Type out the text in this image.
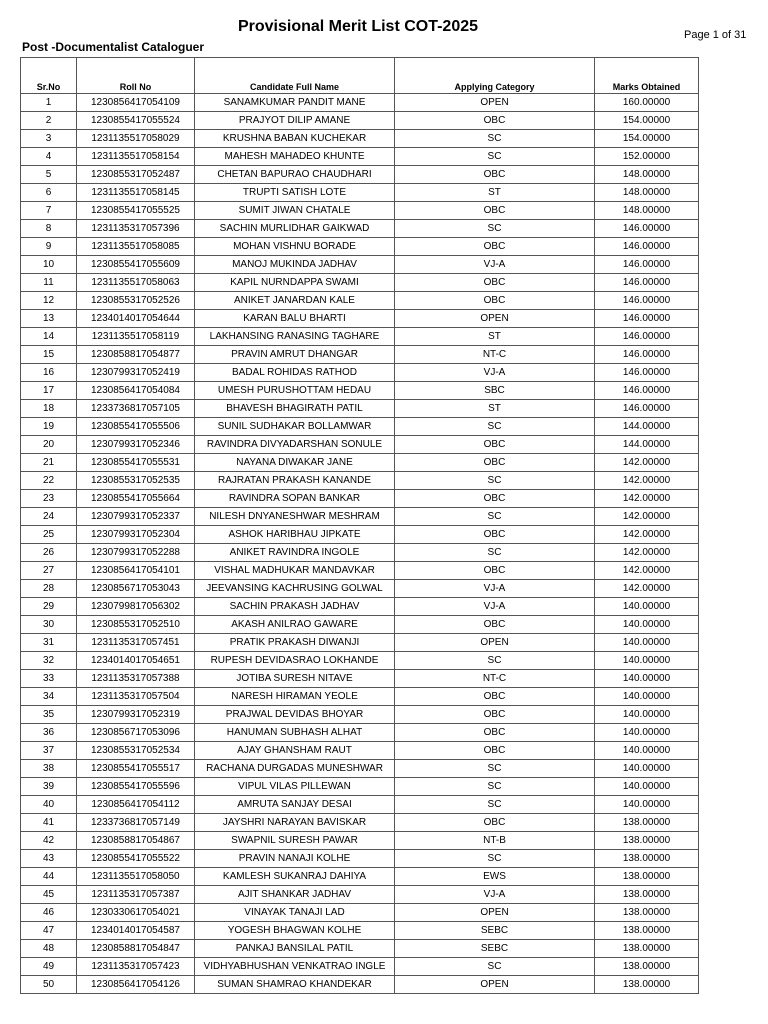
Provisional Merit List COT-2025	Page 1 of 31
Post -Documentalist Cataloguer
Sr.No	Roll No	Candidate Full Name	Applying Category	Marks Obtained
1	1230856417054109	SANAMKUMAR PANDIT MANE	OPEN	160.00000
2	1230855417055524	PRAJYOT DILIP AMANE	OBC	154.00000
3	1231135517058029	KRUSHNA BABAN KUCHEKAR	SC	154.00000
4	1231135517058154	MAHESH MAHADEO KHUNTE	SC	152.00000
5	1230855317052487	CHETAN BAPURAO CHAUDHARI	OBC	148.00000
6	1231135517058145	TRUPTI SATISH LOTE	ST	148.00000
7	1230855417055525	SUMIT JIWAN CHATALE	OBC	148.00000
8	1231135317057396	SACHIN MURLIDHAR GAIKWAD	SC	146.00000
9	1231135517058085	MOHAN VISHNU BORADE	OBC	146.00000
10	1230855417055609	MANOJ MUKINDA JADHAV	VJ-A	146.00000
11	1231135517058063	KAPIL NURNDAPPA SWAMI	OBC	146.00000
12	1230855317052526	ANIKET JANARDAN KALE	OBC	146.00000
13	1234014017054644	KARAN BALU BHARTI	OPEN	146.00000
14	1231135517058119	LAKHANSING RANASING TAGHARE	ST	146.00000
15	1230858817054877	PRAVIN AMRUT DHANGAR	NT-C	146.00000
16	1230799317052419	BADAL ROHIDAS RATHOD	VJ-A	146.00000
17	1230856417054084	UMESH PURUSHOTTAM HEDAU	SBC	146.00000
18	1233736817057105	BHAVESH BHAGIRATH PATIL	ST	146.00000
19	1230855417055506	SUNIL SUDHAKAR BOLLAMWAR	SC	144.00000
20	1230799317052346	RAVINDRA DIVYADARSHAN SONULE	OBC	144.00000
21	1230855417055531	NAYANA DIWAKAR JANE	OBC	142.00000
22	1230855317052535	RAJRATAN PRAKASH KANANDE	SC	142.00000
23	1230855417055664	RAVINDRA SOPAN BANKAR	OBC	142.00000
24	1230799317052337	NILESH DNYANESHWAR MESHRAM	SC	142.00000
25	1230799317052304	ASHOK HARIBHAU JIPKATE	OBC	142.00000
26	1230799317052288	ANIKET RAVINDRA INGOLE	SC	142.00000
27	1230856417054101	VISHAL MADHUKAR MANDAVKAR	OBC	142.00000
28	1230856717053043	JEEVANSING KACHRUSING GOLWAL	VJ-A	142.00000
29	1230799817056302	SACHIN PRAKASH JADHAV	VJ-A	140.00000
30	1230855317052510	AKASH ANILRAO GAWARE	OBC	140.00000
31	1231135317057451	PRATIK PRAKASH DIWANJI	OPEN	140.00000
32	1234014017054651	RUPESH DEVIDASRAO LOKHANDE	SC	140.00000
33	1231135317057388	JOTIBA SURESH NITAVE	NT-C	140.00000
34	1231135317057504	NARESH HIRAMAN YEOLE	OBC	140.00000
35	1230799317052319	PRAJWAL DEVIDAS BHOYAR	OBC	140.00000
36	1230856717053096	HANUMAN SUBHASH ALHAT	OBC	140.00000
37	1230855317052534	AJAY GHANSHAM RAUT	OBC	140.00000
38	1230855417055517	RACHANA DURGADAS MUNESHWAR	SC	140.00000
39	1230855417055596	VIPUL VILAS PILLEWAN	SC	140.00000
40	1230856417054112	AMRUTA SANJAY DESAI	SC	140.00000
41	1233736817057149	JAYSHRI NARAYAN BAVISKAR	OBC	138.00000
42	1230858817054867	SWAPNIL SURESH PAWAR	NT-B	138.00000
43	1230855417055522	PRAVIN NANAJI KOLHE	SC	138.00000
44	1231135517058050	KAMLESH SUKANRAJ DAHIYA	EWS	138.00000
45	1231135317057387	AJIT SHANKAR JADHAV	VJ-A	138.00000
46	1230330617054021	VINAYAK TANAJI LAD	OPEN	138.00000
47	1234014017054587	YOGESH BHAGWAN KOLHE	SEBC	138.00000
48	1230858817054847	PANKAJ BANSILAL PATIL	SEBC	138.00000
49	1231135317057423	VIDHYABHUSHAN VENKATRAO INGLE	SC	138.00000
50	1230856417054126	SUMAN SHAMRAO KHANDEKAR	OPEN	138.00000
